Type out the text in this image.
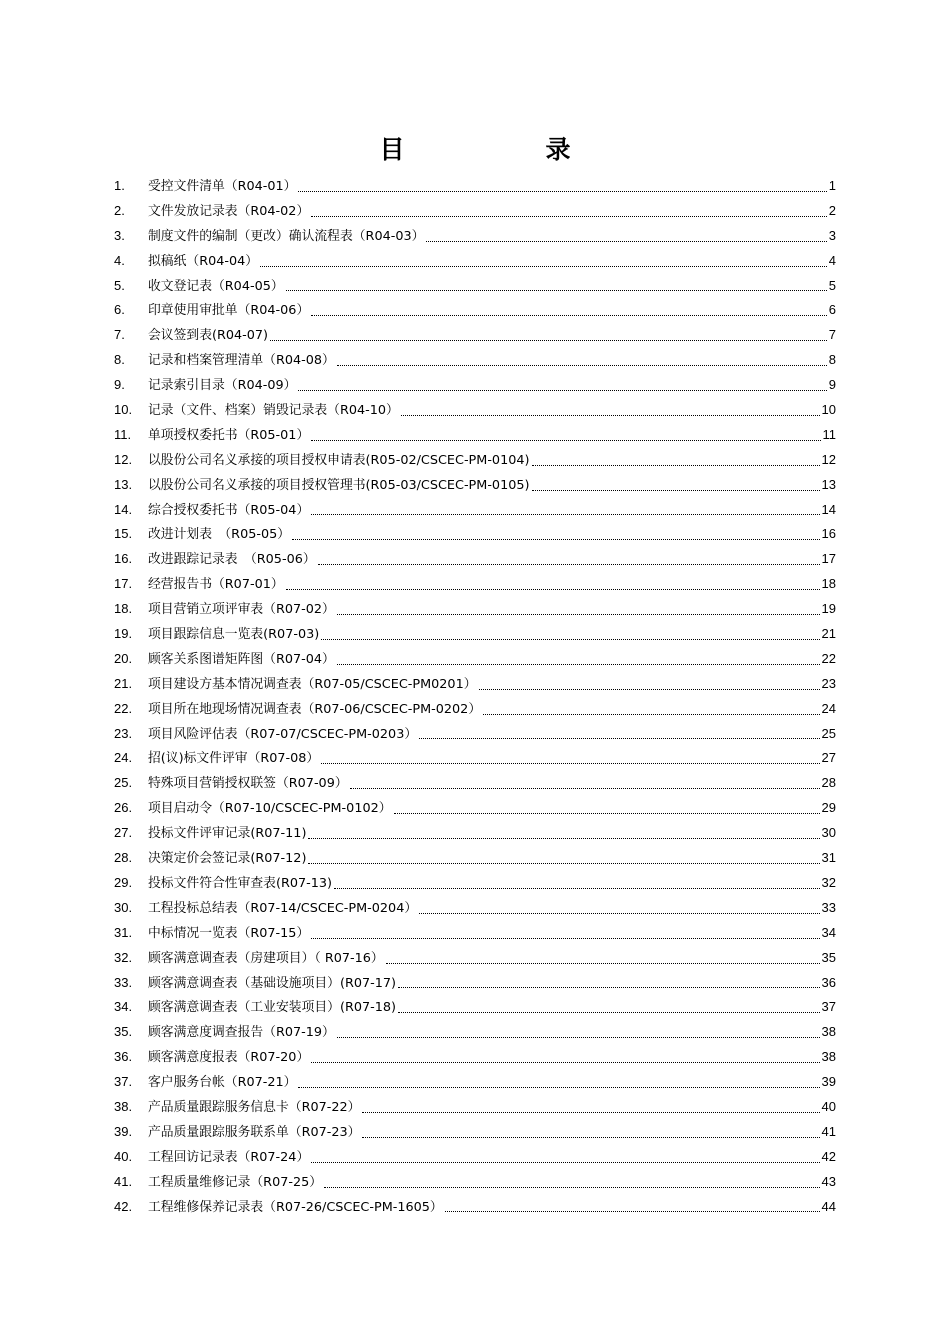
目　录
1.	受控文件清单（R04-01）	1
2.	文件发放记录表（R04-02）	2
3.	制度文件的编制（更改）确认流程表（R04-03）	3
4.	拟稿纸（R04-04）	4
5.	收文登记表（R04-05）	5
6.	印章使用审批单（R04-06）	6
7.	会议签到表(R04-07)	7
8.	记录和档案管理清单（R04-08）	8
9.	记录索引目录（R04-09）	9
10.	记录（文件、档案）销毁记录表（R04-10）	10
11.	单项授权委托书（R05-01）	11
12.	以股份公司名义承接的项目授权申请表(R05-02/CSCEC-PM-0104)	12
13.	以股份公司名义承接的项目授权管理书(R05-03/CSCEC-PM-0105)	13
14.	综合授权委托书（R05-04）	14
15.	改进计划表　（R05-05）	16
16.	改进跟踪记录表　（R05-06）	17
17.	经营报告书（R07-01）	18
18.	项目营销立项评审表（R07-02）	19
19.	项目跟踪信息一览表(R07-03)	21
20.	顾客关系图谱矩阵图（R07-04）	22
21.	项目建设方基本情况调查表（R07-05/CSCEC-PM0201）	23
22.	项目所在地现场情况调查表（R07-06/CSCEC-PM-0202）	24
23.	项目风险评估表（R07-07/CSCEC-PM-0203）	25
24.	招(议)标文件评审（R07-08）	27
25.	特殊项目营销授权联签（R07-09）	28
26.	项目启动令（R07-10/CSCEC-PM-0102）	29
27.	投标文件评审记录(R07-11)	30
28.	决策定价会签记录(R07-12)	31
29.	投标文件符合性审查表(R07-13)	32
30.	工程投标总结表（R07-14/CSCEC-PM-0204）	33
31.	中标情况一览表（R07-15）	34
32.	顾客满意调查表（房建项目）（ R07-16）	35
33.	顾客满意调查表（基础设施项目）(R07-17)	36
34.	顾客满意调查表（工业安装项目）(R07-18)	37
35.	顾客满意度调查报告（R07-19）	38
36.	顾客满意度报表（R07-20）	38
37.	客户服务台帐（R07-21）	39
38.	产品质量跟踪服务信息卡（R07-22）	40
39.	产品质量跟踪服务联系单（R07-23）	41
40.	工程回访记录表（R07-24）	42
41.	工程质量维修记录（R07-25）	43
42.	工程维修保养记录表（R07-26/CSCEC-PM-1605）	44
